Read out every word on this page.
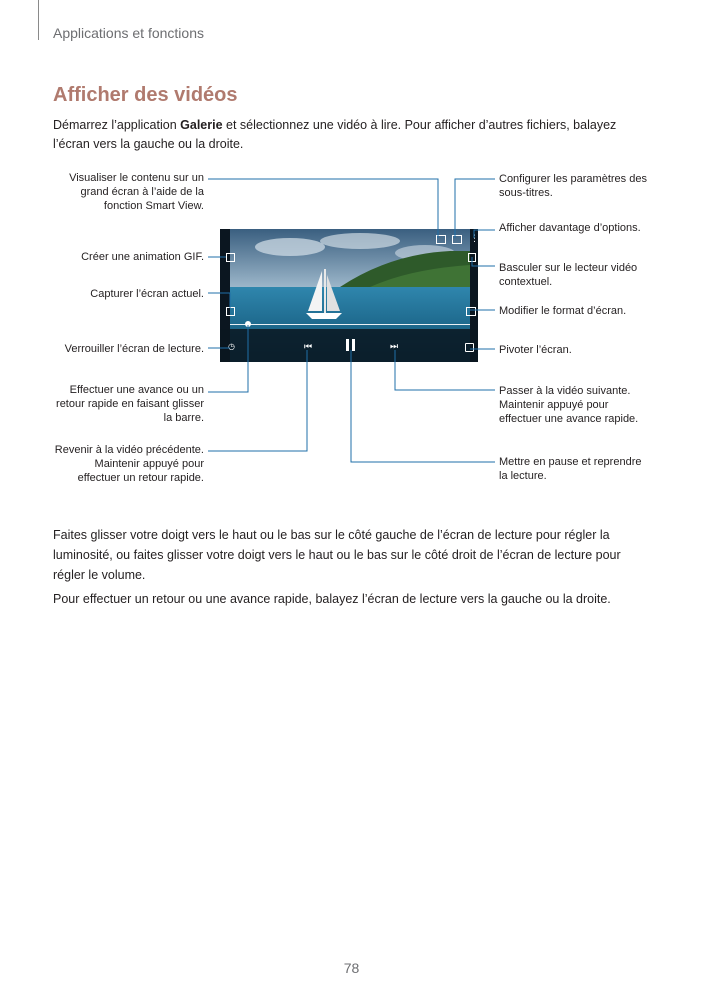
Applications et fonctions
Afficher des vidéos
Démarrez l’application Galerie et sélectionnez une vidéo à lire. Pour afficher d’autres fichiers, balayez l’écran vers la gauche ou la droite.
⋮
◷	⏮	⏭
Visualiser le contenu sur un grand écran à l’aide de la fonction Smart View.
Créer une animation GIF.
Capturer l’écran actuel.
Verrouiller l’écran de lecture.
Effectuer une avance ou un retour rapide en faisant glisser la barre.
Revenir à la vidéo précédente. Maintenir appuyé pour effectuer un retour rapide.
Configurer les paramètres des sous-titres.
Afficher davantage d’options.
Basculer sur le lecteur vidéo contextuel.
Modifier le format d’écran.
Pivoter l’écran.
Passer à la vidéo suivante. Maintenir appuyé pour effectuer une avance rapide.
Mettre en pause et reprendre la lecture.
Faites glisser votre doigt vers le haut ou le bas sur le côté gauche de l’écran de lecture pour régler la luminosité, ou faites glisser votre doigt vers le haut ou le bas sur le côté droit de l’écran de lecture pour régler le volume.
Pour effectuer un retour ou une avance rapide, balayez l’écran de lecture vers la gauche ou la droite.
78
